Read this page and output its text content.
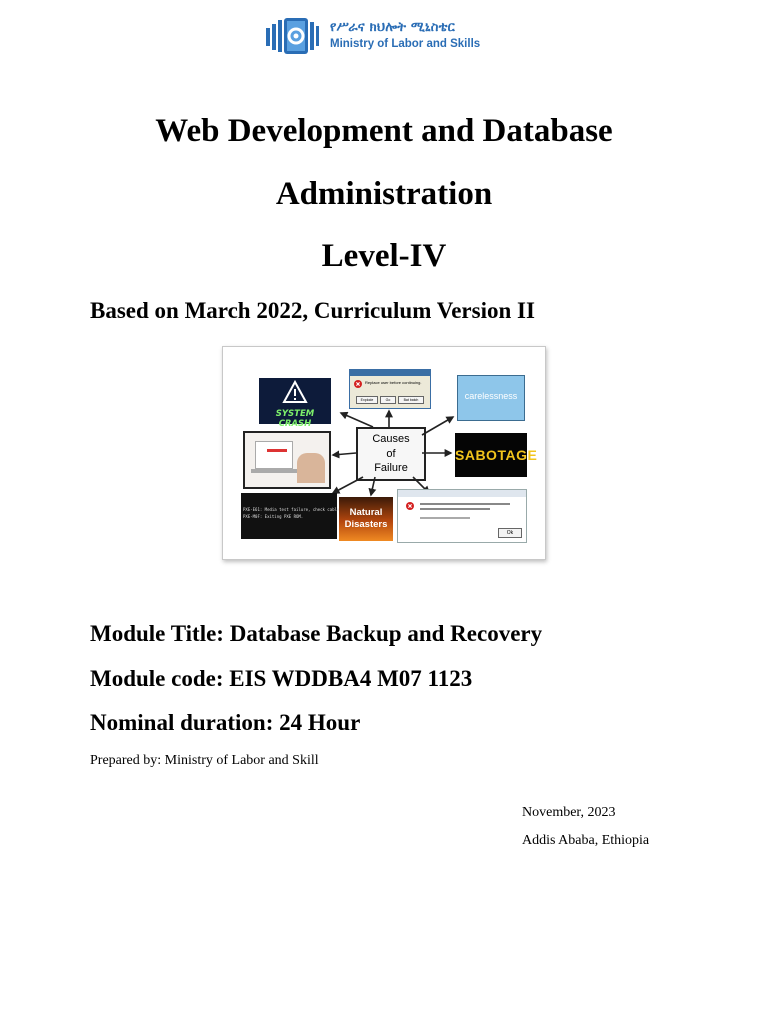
የሥራና ክህሎት ሚኒስቴር
Ministry of Labor and Skills
Web Development and Database
Administration
Level-IV
Based on March 2022, Curriculum Version II
SYSTEM CRASH
Replace user before continuing.
Explode	Go	Bat batch	carelessness
Causes
of
Failure
SABOTAGE
PXE-E61: Media test failure, check cable
PXE-M0F: Exiting PXE ROM.	Natural
Disasters
Ok
Module Title: Database Backup and Recovery
Module code: EIS WDDBA4 M07 1123
Nominal duration: 24 Hour
Prepared by: Ministry of Labor and Skill
November, 2023
Addis Ababa, Ethiopia
